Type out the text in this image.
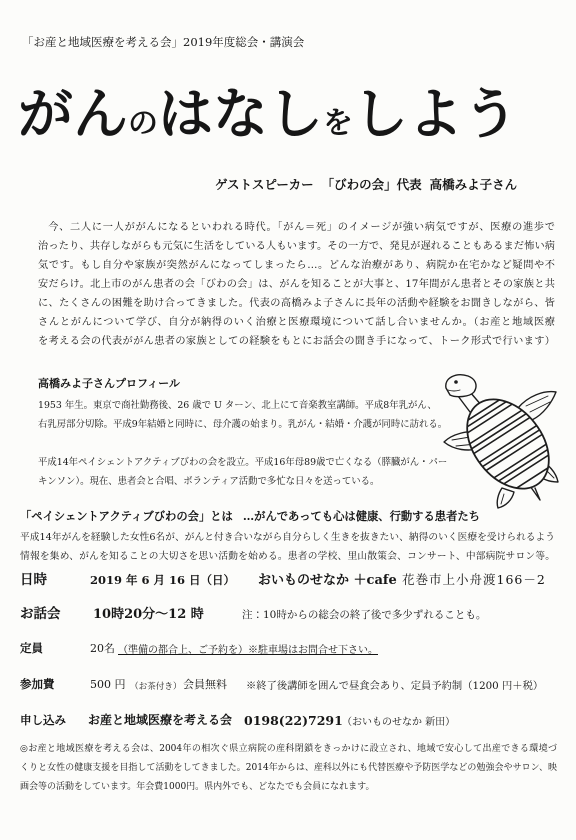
「お産と地域医療を考える会」2019年度総会・講演会
がんのはなしをしよう
ゲストスピーカー 「びわの会」代表 高橋みよ子さん
今、二人に一人ががんになるといわれる時代。「がん＝死」のイメージが強い病気ですが、医療の進歩で
治ったり、共存しながらも元気に生活をしている人もいます。その一方で、発見が遅れることもあるまだ怖い病
気です。もし自分や家族が突然がんになってしまったら…。どんな治療があり、病院か在宅かなど疑問や不
安だらけ。北上市のがん患者の会「びわの会」は、がんを知ることが大事と、17年間がん患者とその家族と共
に、たくさんの困難を助け合ってきました。代表の高橋みよ子さんに長年の活動や経験をお聞きしながら、皆
さんとがんについて学び、自分が納得のいく治療と医療環境について話し合いませんか。（お産と地域医療
を考える会の代表ががん患者の家族としての経験をもとにお話会の聞き手になって、トーク形式で行います）
高橋みよ子さんプロフィール
1953 年生。東京で商社勤務後、26 歳で U ターン、北上にて音楽教室講師。平成8年乳がん、
右乳房部分切除。平成9年結婚と同時に、母介護の始まり。乳がん・結婚・介護が同時に訪れる。
平成14年ペイシェントアクティブびわの会を設立。平成16年母89歳で亡くなる（膵臓がん・パー
キンソン）。現在、患者会と合唱、ボランティア活動で多忙な日々を送っている。
「ペイシェントアクティブびわの会」とは …がんであっても心は健康、行動する患者たち
平成14年がんを経験した女性6名が、がんと付き合いながら自分らしく生きを抜きたい、納得のいく医療を受けられるよう
情報を集め、がんを知ることの大切さを思い活動を始める。患者の学校、里山散策会、コンサート、中部病院サロン等。
日時	2019 年 6 月 16 日（日） おいものせなか ＋cafe 花巻市上小舟渡166－2
お話会	10時20分～12 時	注：10時からの総会の終了後で多少ずれることも。
定員	20名 （準備の都合上、ご予約を）※駐車場はお問合せ下さい。
参加費	500 円 （お茶付き） 会員無料 ※終了後講師を囲んで昼食会あり、定員予約制（1200 円＋税）
申し込み お産と地域医療を考える会 0198(22)7291 （おいものせなか 新田）
◎お産と地域医療を考える会は、2004年の相次ぐ県立病院の産科閉鎖をきっかけに設立され、地域で安心して出産できる環境づ
くりと女性の健康支援を目指して活動をしてきました。2014年からは、産科以外にも代替医療や予防医学などの勉強会やサロン、映
画会等の活動をしています。年会費1000円。県内外でも、どなたでも会員になれます。
